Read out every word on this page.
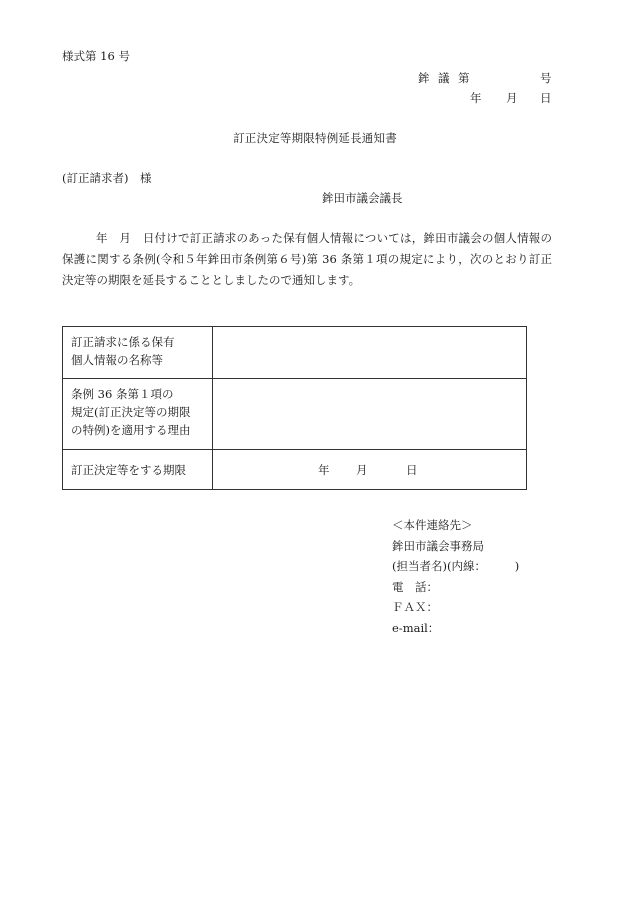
様式第 16 号
鉾 議 第	号
年 月 日
訂正決定等期限特例延長通知書
(訂正請求者)　様
鉾田市議会議長
年　月　日付けで訂正請求のあった保有個人情報については，鉾田市議会の個人情報の保護に関する条例(令和５年鉾田市条例第６号)第 36 条第１項の規定により，次のとおり訂正決定等の期限を延長することとしましたので通知します。
訂正請求に係る保有
個人情報の名称等	

条例 36 条第１項の
規定(訂正決定等の期限
の特例)を適用する理由	

訂正決定等をする期限	年 月 日
＜本件連絡先＞
鉾田市議会事務局
(担当者名)(内線：　　　)
電　話：
ＦＡＸ：
e-mail：
